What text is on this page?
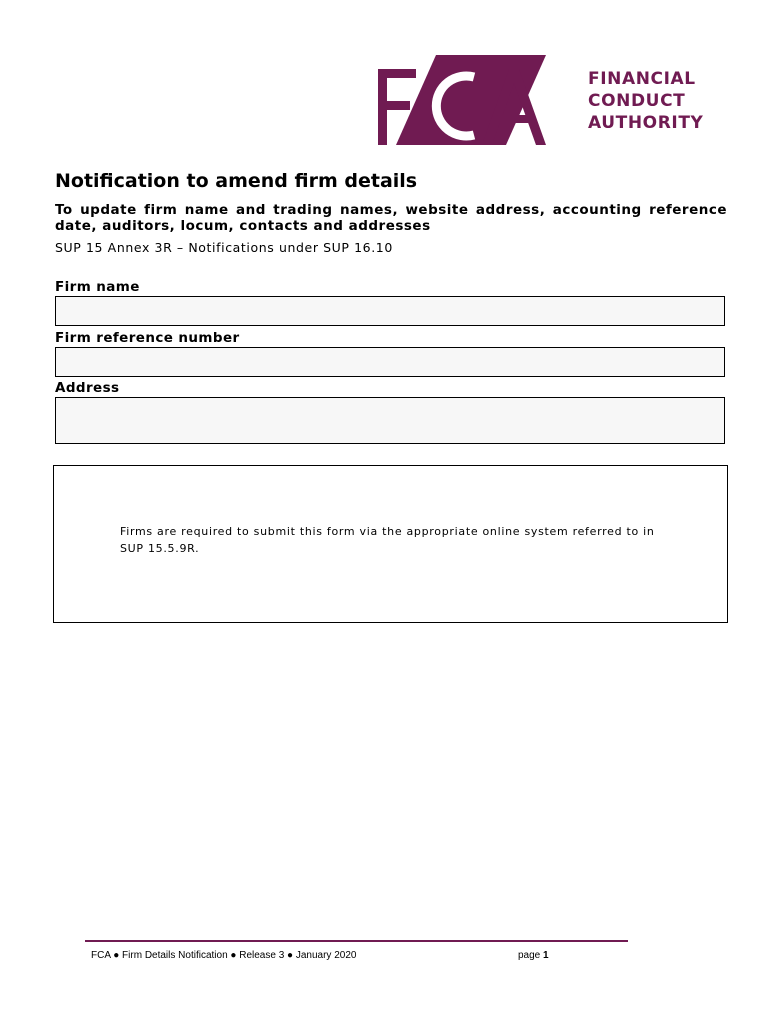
FINANCIAL
CONDUCT
AUTHORITY
Notification to amend firm details
To update firm name and trading names, website address, accounting reference date, auditors, locum, contacts and addresses
SUP 15 Annex 3R – Notifications under SUP 16.10
Firm name
Firm reference number
Address
Firms are required to submit this form via the appropriate online system referred to in SUP 15.5.9R.
FCA ● Firm Details Notification ● Release 3 ● January 2020	page 1
